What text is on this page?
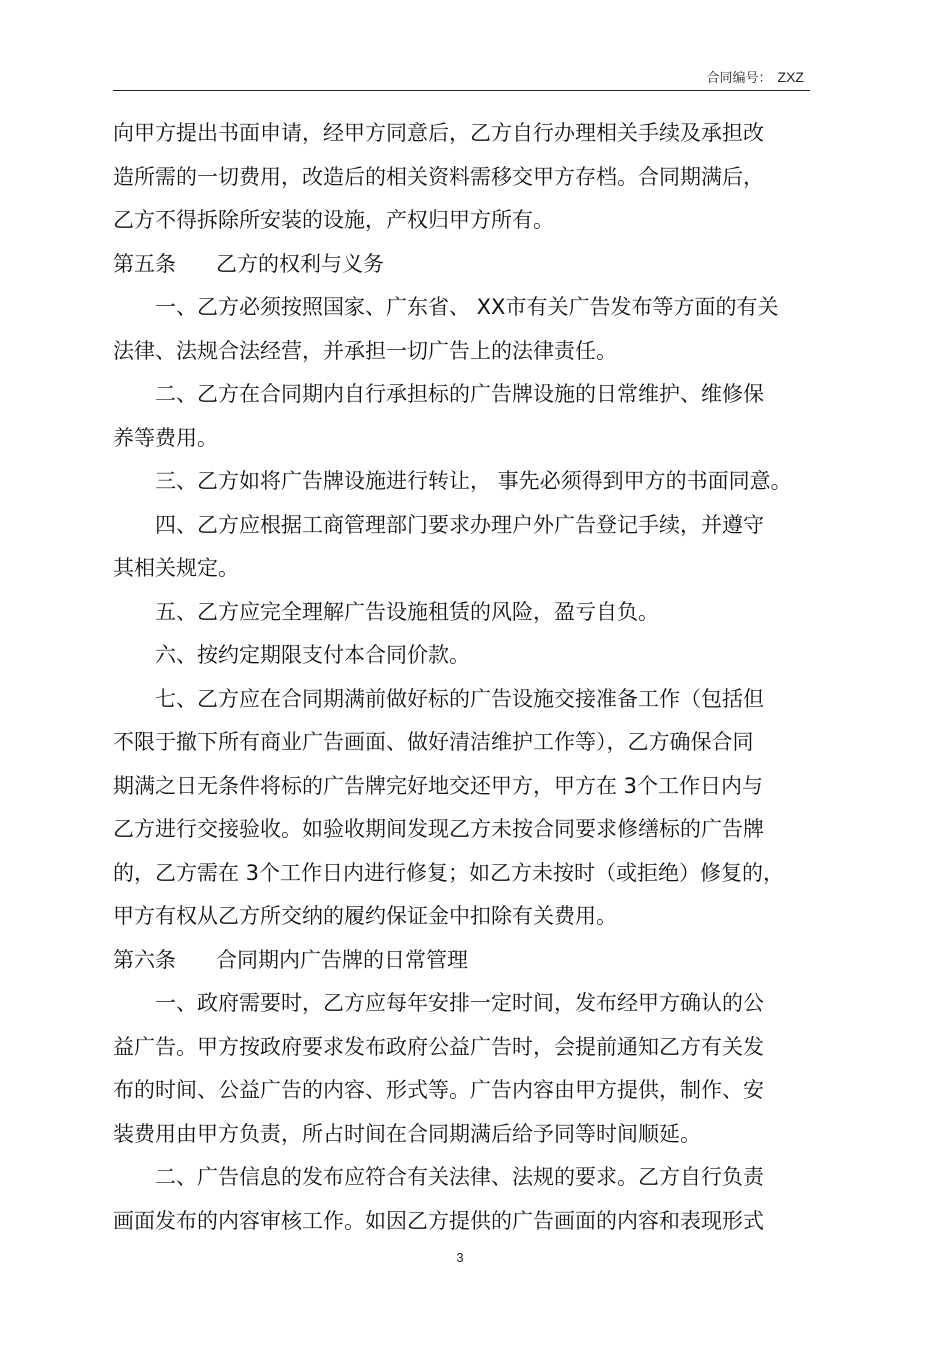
合同编号： ZXZ
向甲方提出书面申请，经甲方同意后，乙方自行办理相关手续及承担改
造所需的一切费用，改造后的相关资料需移交甲方存档。合同期满后，
乙方不得拆除所安装的设施，产权归甲方所有。
第五条 乙方的权利与义务
一、乙方必须按照国家、广东省、 XX市有关广告发布等方面的有关
法律、法规合法经营，并承担一切广告上的法律责任。
二、乙方在合同期内自行承担标的广告牌设施的日常维护、维修保
养等费用。
三、乙方如将广告牌设施进行转让， 事先必须得到甲方的书面同意。
四、乙方应根据工商管理部门要求办理户外广告登记手续，并遵守
其相关规定。
五、乙方应完全理解广告设施租赁的风险，盈亏自负。
六、按约定期限支付本合同价款。
七、乙方应在合同期满前做好标的广告设施交接准备工作（包括但
不限于撤下所有商业广告画面、做好清洁维护工作等），乙方确保合同
期满之日无条件将标的广告牌完好地交还甲方，甲方在 3个工作日内与
乙方进行交接验收。如验收期间发现乙方未按合同要求修缮标的广告牌
的，乙方需在 3个工作日内进行修复；如乙方未按时（或拒绝）修复的，
甲方有权从乙方所交纳的履约保证金中扣除有关费用。
第六条 合同期内广告牌的日常管理
一、政府需要时，乙方应每年安排一定时间，发布经甲方确认的公
益广告。甲方按政府要求发布政府公益广告时，会提前通知乙方有关发
布的时间、公益广告的内容、形式等。广告内容由甲方提供，制作、安
装费用由甲方负责，所占时间在合同期满后给予同等时间顺延。
二、广告信息的发布应符合有关法律、法规的要求。乙方自行负责
画面发布的内容审核工作。如因乙方提供的广告画面的内容和表现形式
3
